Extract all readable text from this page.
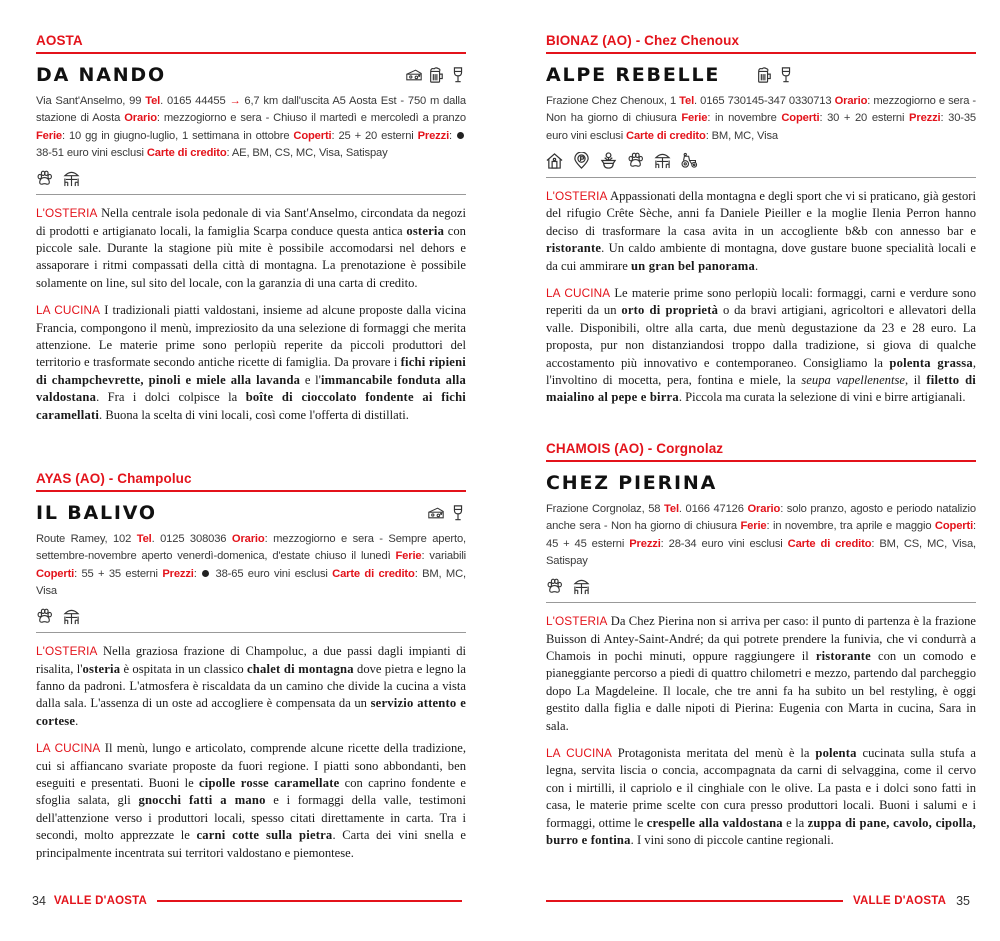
AOSTA
DA NANDO
Via Sant'Anselmo, 99 Tel. 0165 44455 → 6,7 km dall'uscita A5 Aosta Est - 750 m dalla stazione di Aosta Orario: mezzogiorno e sera - Chiuso il martedì e mercoledì a pranzo Ferie: 10 gg in giugno-luglio, 1 settimana in ottobre Coperti: 25 + 20 esterni Prezzi:  38-51 euro vini esclusi Carte di credito: AE, BM, CS, MC, Visa, Satispay
L'OSTERIA Nella centrale isola pedonale di via Sant'Anselmo, circondata da negozi di prodotti e artigianato locali, la famiglia Scarpa conduce questa antica osteria con piccole sale. Durante la stagione più mite è possibile accomodarsi nel dehors e assaporare i ritmi compassati della città di montagna. La prenotazione è possibile solamente on line, sul sito del locale, con la garanzia di una carta di credito.
LA CUCINA I tradizionali piatti valdostani, insieme ad alcune proposte dalla vicina Francia, compongono il menù, impreziosito da una selezione di formaggi che merita attenzione. Le materie prime sono perlopiù reperite da piccoli produttori del territorio e trasformate secondo antiche ricette di famiglia. Da provare i fichi ripieni di champchevrette, pinoli e miele alla lavanda e l'immancabile fonduta alla valdostana. Fra i dolci colpisce la boîte di cioccolato fondente ai fichi caramellati. Buona la scelta di vini locali, così come l'offerta di distillati.
AYAS (AO) - Champoluc
IL BALIVO
Route Ramey, 102 Tel. 0125 308036 Orario: mezzogiorno e sera - Sempre aperto, settembre-novembre aperto venerdì-domenica, d'estate chiuso il lunedì Ferie: variabili Coperti: 55 + 35 esterni Prezzi:  38-65 euro vini esclusi Carte di credito: BM, MC, Visa
L'OSTERIA Nella graziosa frazione di Champoluc, a due passi dagli impianti di risalita, l'osteria è ospitata in un classico chalet di montagna dove pietra e legno la fanno da padroni. L'atmosfera è riscaldata da un camino che divide la cucina a vista dalla sala. L'assenza di un oste ad accogliere è compensata da un servizio attento e cortese.
LA CUCINA Il menù, lungo e articolato, comprende alcune ricette della tradizione, cui si affiancano svariate proposte da fuori regione. I piatti sono abbondanti, ben eseguiti e presentati. Buoni le cipolle rosse caramellate con caprino fondente e sfoglia salata, gli gnocchi fatti a mano e i formaggi della valle, testimoni dell'attenzione verso i produttori locali, spesso citati direttamente in carta. Tra i secondi, molto apprezzate le carni cotte sulla pietra. Carta dei vini snella e principalmente incentrata sui territori valdostano e piemontese.
BIONAZ (AO) - Chez Chenoux
ALPE REBELLE
Frazione Chez Chenoux, 1 Tel. 0165 730145-347 0330713 Orario: mezzogiorno e sera - Non ha giorno di chiusura Ferie: in novembre Coperti: 30 + 20 esterni Prezzi: 30-35 euro vini esclusi Carte di credito: BM, MC, Visa
L'OSTERIA Appassionati della montagna e degli sport che vi si praticano, già gestori del rifugio Crête Sèche, anni fa Daniele Pieiller e la moglie Ilenia Perron hanno deciso di trasformare la casa avita in un accogliente b&b con annesso bar e ristorante. Un caldo ambiente di montagna, dove gustare buone specialità locali e da cui ammirare un gran bel panorama.
LA CUCINA Le materie prime sono perlopiù locali: formaggi, carni e verdure sono reperiti da un orto di proprietà o da bravi artigiani, agricoltori e allevatori della valle. Disponibili, oltre alla carta, due menù degustazione da 23 e 28 euro. La proposta, pur non distanziandosi troppo dalla tradizione, si giova di qualche accostamento più innovativo e contemporaneo. Consigliamo la polenta grassa, l'involtino di mocetta, pera, fontina e miele, la seupa vapellenentse, il filetto di maialino al pepe e birra. Piccola ma curata la selezione di vini e birre artigianali.
CHAMOIS (AO) - Corgnolaz
CHEZ PIERINA
Frazione Corgnolaz, 58 Tel. 0166 47126 Orario: solo pranzo, agosto e periodo natalizio anche sera - Non ha giorno di chiusura Ferie: in novembre, tra aprile e maggio Coperti: 45 + 45 esterni Prezzi: 28-34 euro vini esclusi Carte di credito: BM, CS, MC, Visa, Satispay
L'OSTERIA Da Chez Pierina non si arriva per caso: il punto di partenza è la frazione Buisson di Antey-Saint-André; da qui potrete prendere la funivia, che vi condurrà a Chamois in pochi minuti, oppure raggiungere il ristorante con un comodo e pianeggiante percorso a piedi di quattro chilometri e mezzo, partendo dal parcheggio dopo La Magdeleine. Il locale, che tre anni fa ha subito un bel restyling, è oggi gestito dalla figlia e dalle nipoti di Pierina: Eugenia con Marta in cucina, Sara in sala.
LA CUCINA Protagonista meritata del menù è la polenta cucinata sulla stufa a legna, servita liscia o concia, accompagnata da carni di selvaggina, come il cervo con i mirtilli, il capriolo e il cinghiale con le olive. La pasta e i dolci sono fatti in casa, le materie prime scelte con cura presso produttori locali. Buoni i salumi e i formaggi, ottime le crespelle alla valdostana e la zuppa di pane, cavolo, cipolla, burro e fontina. I vini sono di piccole cantine regionali.
34 VALLE D'AOSTA	VALLE D'AOSTA 35
